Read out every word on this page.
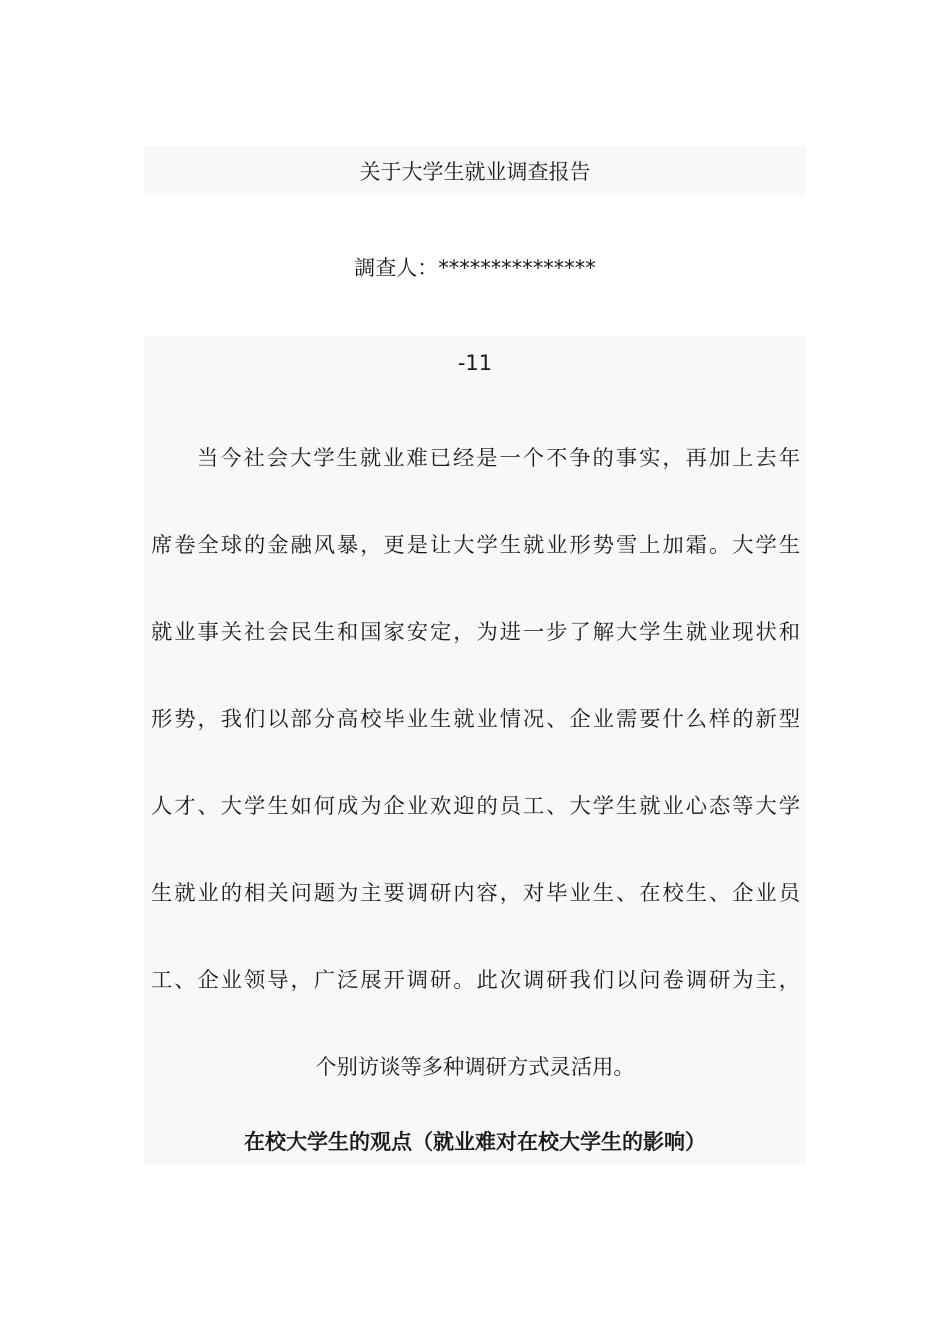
关于大学生就业调查报告
調查人：***************
-11
当今社会大学生就业难已经是一个不争的事实，再加上去年
席卷全球的金融风暴，更是让大学生就业形势雪上加霜。大学生
就业事关社会民生和国家安定，为进一步了解大学生就业现状和
形势，我们以部分高校毕业生就业情况、企业需要什么样的新型
人才、大学生如何成为企业欢迎的员工、大学生就业心态等大学
生就业的相关问题为主要调研内容，对毕业生、在校生、企业员
工、企业领导，广泛展开调研。此次调研我们以问卷调研为主，
个别访谈等多种调研方式灵活用。
在校大学生的观点（就业难对在校大学生的影响）
